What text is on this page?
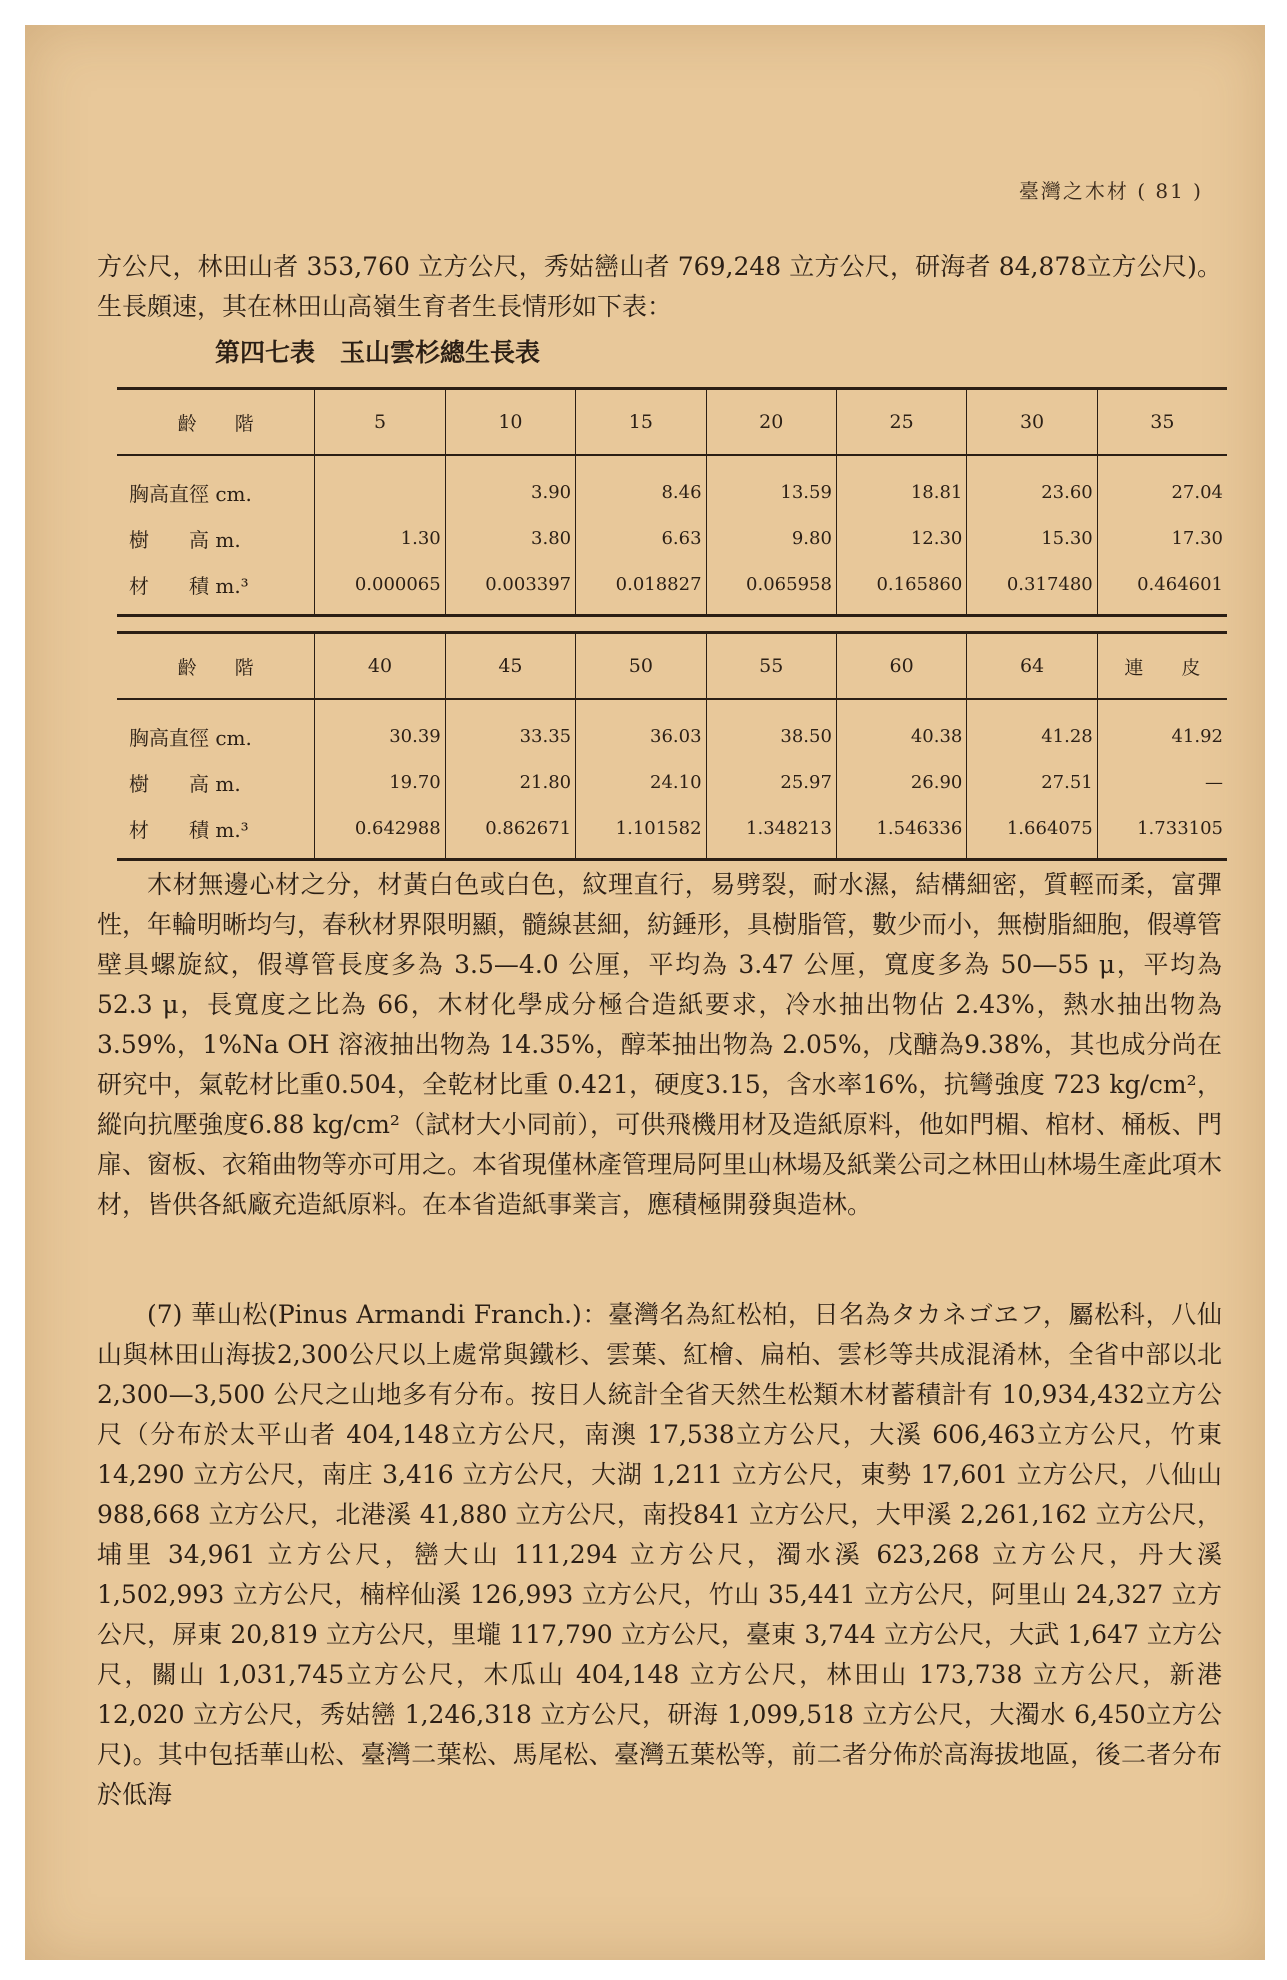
臺灣之木材 ( 81 )
方公尺，林田山者 353,760 立方公尺，秀姑巒山者 769,248 立方公尺，研海者 84,878立方公尺)。生長頗速，其在林田山高嶺生育者生長情形如下表：
第四七表　玉山雲杉總生長表
齡　　階	5	10	15	20	25	30	35
胸高直徑 cm.		3.90	8.46	13.59	18.81	23.60	27.04
樹　　高 m.	1.30	3.80	6.63	9.80	12.30	15.30	17.30
材　　積 m.³	0.000065	0.003397	0.018827	0.065958	0.165860	0.317480	0.464601
齡　　階	40	45	50	55	60	64	連　　皮
胸高直徑 cm.	30.39	33.35	36.03	38.50	40.38	41.28	41.92
樹　　高 m.	19.70	21.80	24.10	25.97	26.90	27.51	—
材　　積 m.³	0.642988	0.862671	1.101582	1.348213	1.546336	1.664075	1.733105
木材無邊心材之分，材黃白色或白色，紋理直行，易劈裂，耐水濕，結構細密，質輕而柔，富彈性，年輪明晰均勻，春秋材界限明顯，髓線甚細，紡錘形，具樹脂管，數少而小，無樹脂細胞，假導管壁具螺旋紋，假導管長度多為 3.5—4.0 公厘，平均為 3.47 公厘，寬度多為 50—55 μ，平均為 52.3 μ，長寬度之比為 66，木材化學成分極合造紙要求，冷水抽出物佔 2.43%，熱水抽出物為 3.59%，1%Na OH 溶液抽出物為 14.35%，醇苯抽出物為 2.05%，戊醣為9.38%，其也成分尚在研究中，氣乾材比重0.504，全乾材比重 0.421，硬度3.15，含水率16%，抗彎強度 723 kg/cm²，縱向抗壓強度6.88 kg/cm²（試材大小同前），可供飛機用材及造紙原料，他如門楣、棺材、桶板、門扉、窗板、衣箱曲物等亦可用之。本省現僅林產管理局阿里山林場及紙業公司之林田山林場生產此項木材，皆供各紙廠充造紙原料。在本省造紙事業言，應積極開發與造林。
(7) 華山松(Pinus Armandi Franch.)：臺灣名為紅松柏，日名為タカネゴヱフ，屬松科，八仙山與林田山海拔2,300公尺以上處常與鐵杉、雲葉、紅檜、扁柏、雲杉等共成混淆林，全省中部以北 2,300—3,500 公尺之山地多有分布。按日人統計全省天然生松類木材蓄積計有 10,934,432立方公尺（分布於太平山者 404,148立方公尺，南澳 17,538立方公尺，大溪 606,463立方公尺，竹東 14,290 立方公尺，南庄 3,416 立方公尺，大湖 1,211 立方公尺，東勢 17,601 立方公尺，八仙山 988,668 立方公尺，北港溪 41,880 立方公尺，南投841 立方公尺，大甲溪 2,261,162 立方公尺，埔里 34,961 立方公尺，巒大山 111,294 立方公尺，濁水溪 623,268 立方公尺，丹大溪 1,502,993 立方公尺，楠梓仙溪 126,993 立方公尺，竹山 35,441 立方公尺，阿里山 24,327 立方公尺，屏東 20,819 立方公尺，里壠 117,790 立方公尺，臺東 3,744 立方公尺，大武 1,647 立方公尺，關山 1,031,745立方公尺，木瓜山 404,148 立方公尺，林田山 173,738 立方公尺，新港 12,020 立方公尺，秀姑巒 1,246,318 立方公尺，研海 1,099,518 立方公尺，大濁水 6,450立方公尺)。其中包括華山松、臺灣二葉松、馬尾松、臺灣五葉松等，前二者分佈於高海拔地區，後二者分布於低海
